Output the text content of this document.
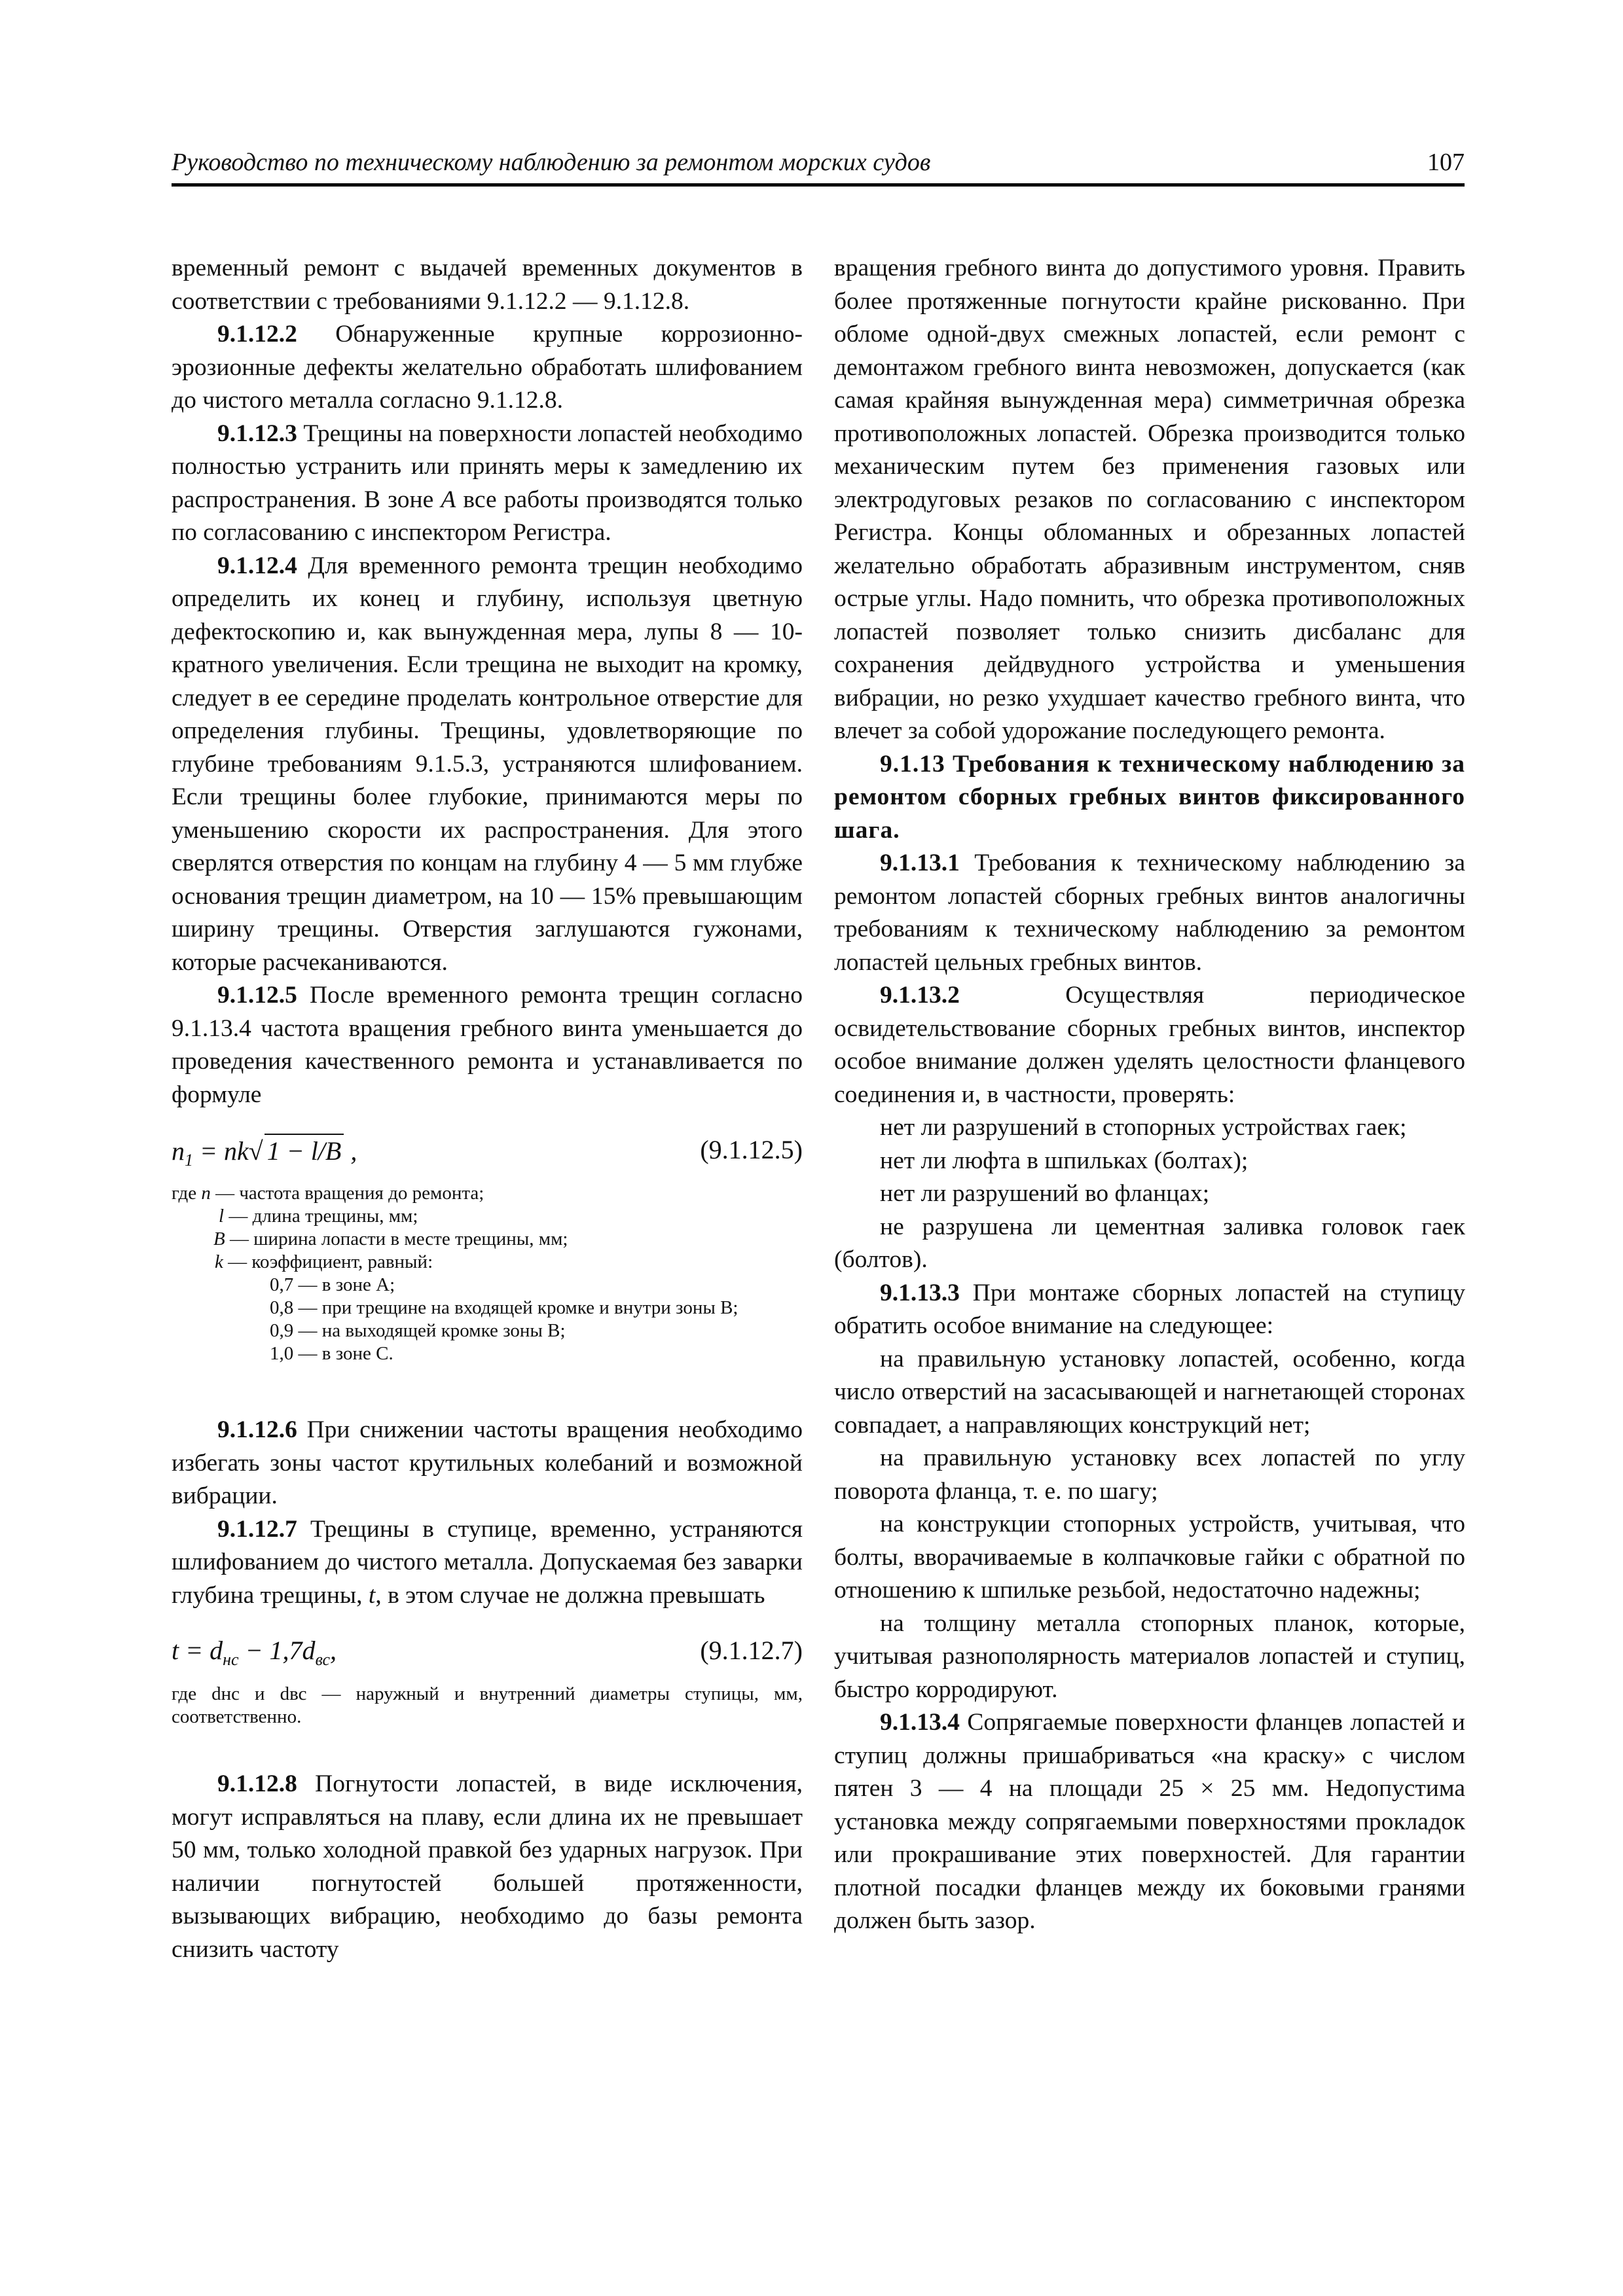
Руководство по техническому наблюдению за ремонтом морских судов	107

временный ремонт с выдачей временных документов в соответствии с требованиями 9.1.12.2 — 9.1.12.8.

9.1.12.2 Обнаруженные крупные коррозионно-эрозионные дефекты желательно обработать шлифованием до чистого металла согласно 9.1.12.8.

9.1.12.3 Трещины на поверхности лопастей необходимо полностью устранить или принять меры к замедлению их распространения. В зоне A все работы производятся только по согласованию с инспектором Регистра.

9.1.12.4 Для временного ремонта трещин необходимо определить их конец и глубину, используя цветную дефектоскопию и, как вынужденная мера, лупы 8 — 10-кратного увеличения. Если трещина не выходит на кромку, следует в ее середине проделать контрольное отверстие для определения глубины. Трещины, удовлетворяющие по глубине требованиям 9.1.5.3, устраняются шлифованием. Если трещины более глубокие, принимаются меры по уменьшению скорости их распространения. Для этого сверлятся отверстия по концам на глубину 4 — 5 мм глубже основания трещин диаметром, на 10 — 15% превышающим ширину трещины. Отверстия заглушаются гужонами, которые расчеканиваются.

9.1.12.5 После временного ремонта трещин согласно 9.1.13.4 частота вращения гребного винта уменьшается до проведения качественного ремонта и устанавливается по формуле

$n_1 = nk√$ 1 − l/B ,	(9.1.12.5)

где n — частота вращения до ремонта;

l — длина трещины, мм;

B — ширина лопасти в месте трещины, мм;

k — коэффициент, равный:

0,7 — в зоне A;

0,8 — при трещине на входящей кромке и внутри зоны B;

0,9 — на выходящей кромке зоны B;

1,0 — в зоне C.

9.1.12.6 При снижении частоты вращения необходимо избегать зоны частот крутильных колебаний и возможной вибрации.

9.1.12.7 Трещины в ступице, временно, устраняются шлифованием до чистого металла. Допускаемая без заварки глубина трещины, t, в этом случае не должна превышать

$t = d_{нс} - 1,7d_{вс}$,	(9.1.12.7)

где dнс и dвс — наружный и внутренний диаметры ступицы, мм, соответственно.

9.1.12.8 Погнутости лопастей, в виде исключения, могут исправляться на плаву, если длина их не превышает 50 мм, только холодной правкой без ударных нагрузок. При наличии погнутостей большей протяженности, вызывающих вибрацию, необходимо до базы ремонта снизить частоту

вращения гребного винта до допустимого уровня. Править более протяженные погнутости крайне рискованно. При обломе одной-двух смежных лопастей, если ремонт с демонтажом гребного винта невозможен, допускается (как самая крайняя вынужденная мера) симметричная обрезка противоположных лопастей. Обрезка производится только механическим путем без применения газовых или электродуговых резаков по согласованию с инспектором Регистра. Концы обломанных и обрезанных лопастей желательно обработать абразивным инструментом, сняв острые углы. Надо помнить, что обрезка противоположных лопастей позволяет только снизить дисбаланс для сохранения дейдвудного устройства и уменьшения вибрации, но резко ухудшает качество гребного винта, что влечет за собой удорожание последующего ремонта.

9.1.13 Требования к техническому наблюдению за ремонтом сборных гребных винтов фиксированного шага.

9.1.13.1 Требования к техническому наблюдению за ремонтом лопастей сборных гребных винтов аналогичны требованиям к техническому наблюдению за ремонтом лопастей цельных гребных винтов.

9.1.13.2 Осуществляя периодическое освидетельствование сборных гребных винтов, инспектор особое внимание должен уделять целостности фланцевого соединения и, в частности, проверять:

нет ли разрушений в стопорных устройствах гаек;

нет ли люфта в шпильках (болтах);

нет ли разрушений во фланцах;

не разрушена ли цементная заливка головок гаек (болтов).

9.1.13.3 При монтаже сборных лопастей на ступицу обратить особое внимание на следующее:

на правильную установку лопастей, особенно, когда число отверстий на засасывающей и нагнетающей сторонах совпадает, а направляющих конструкций нет;

на правильную установку всех лопастей по углу поворота фланца, т. е. по шагу;

на конструкции стопорных устройств, учитывая, что болты, вворачиваемые в колпачковые гайки с обратной по отношению к шпильке резьбой, недостаточно надежны;

на толщину металла стопорных планок, которые, учитывая разнополярность материалов лопастей и ступиц, быстро корродируют.

9.1.13.4 Сопрягаемые поверхности фланцев лопастей и ступиц должны пришабриваться «на краску» с числом пятен 3 — 4 на площади 25 × 25 мм. Недопустима установка между сопрягаемыми поверхностями прокладок или прокрашивание этих поверхностей. Для гарантии плотной посадки фланцев между их боковыми гранями должен быть зазор.
